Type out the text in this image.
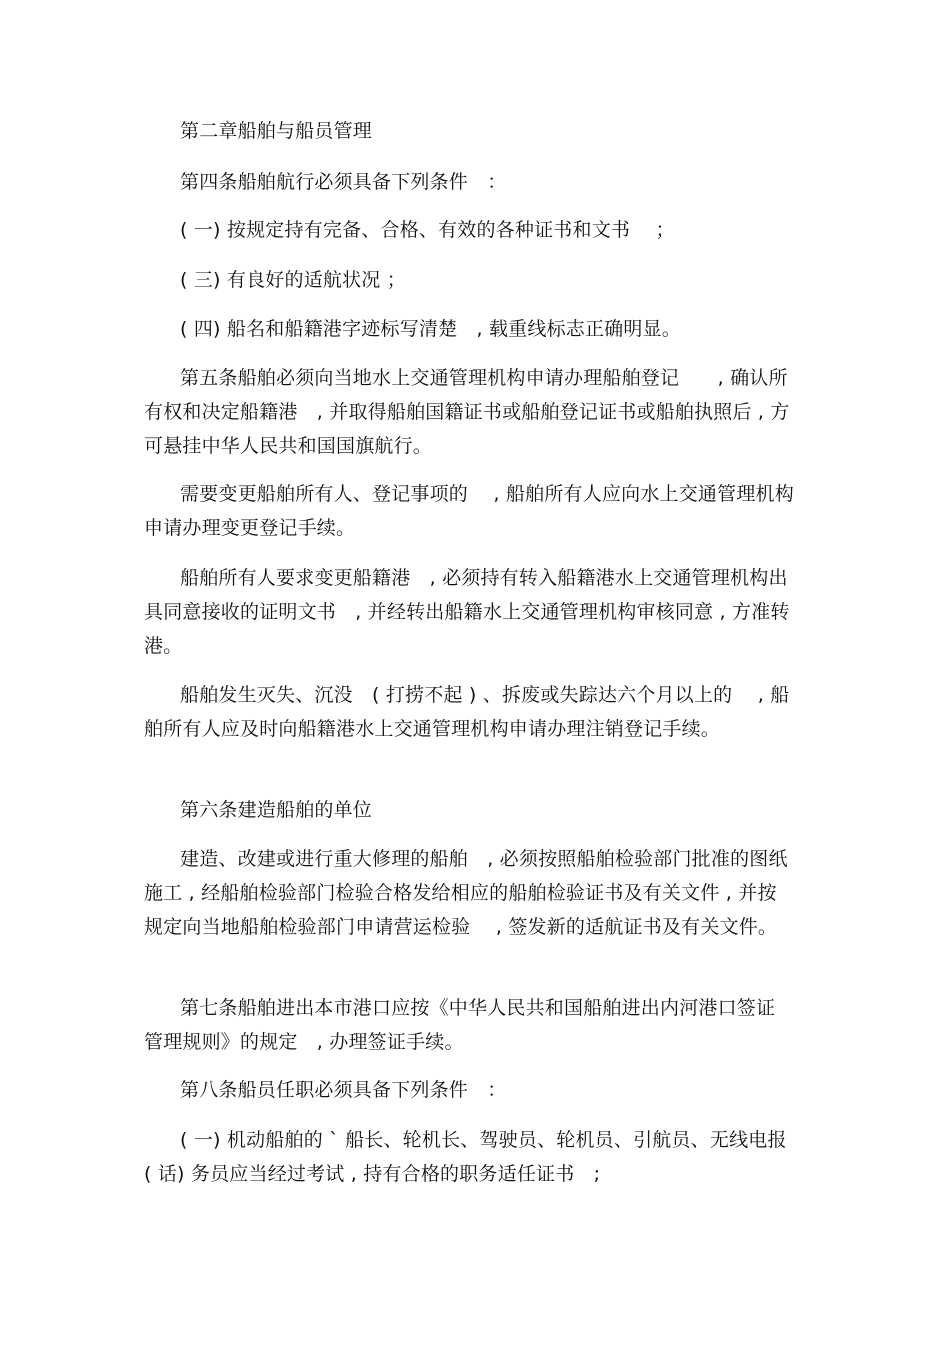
第二章船舶与船员管理

第四条船舶航行必须具备下列条件　：

( 一) 按规定持有完备、合格、有效的各种证书和文书　 ；

( 三) 有良好的适航状况 ；

( 四) 船名和船籍港字迹标写清楚　, 载重线标志正确明显。

第五条船舶必须向当地水上交通管理机构申请办理船舶登记　　, 确认所有权和决定船籍港　, 并取得船舶国籍证书或船舶登记证书或船舶执照后 , 方可悬挂中华人民共和国国旗航行。

需要变更船舶所有人、登记事项的　 , 船舶所有人应向水上交通管理机构申请办理变更登记手续。

船舶所有人要求变更船籍港　, 必须持有转入船籍港水上交通管理机构出具同意接收的证明文书　, 并经转出船籍水上交通管理机构审核同意 , 方准转港。

船舶发生灭失、沉没　( 打捞不起 ) 、拆废或失踪达六个月以上的　 , 船舶所有人应及时向船籍港水上交通管理机构申请办理注销登记手续。

第六条建造船舶的单位

建造、改建或进行重大修理的船舶　, 必须按照船舶检验部门批准的图纸施工 , 经船舶检验部门检验合格发给相应的船舶检验证书及有关文件 , 并按规定向当地船舶检验部门申请营运检验　 , 签发新的适航证书及有关文件。

第七条船舶进出本市港口应按《中华人民共和国船舶进出内河港口签证管理规则》的规定　, 办理签证手续。

第八条船员任职必须具备下列条件　：

( 一) 机动船舶的 ` 船长、轮机长、驾驶员、轮机员、引航员、无线电报 ( 话) 务员应当经过考试 , 持有合格的职务适任证书　;
